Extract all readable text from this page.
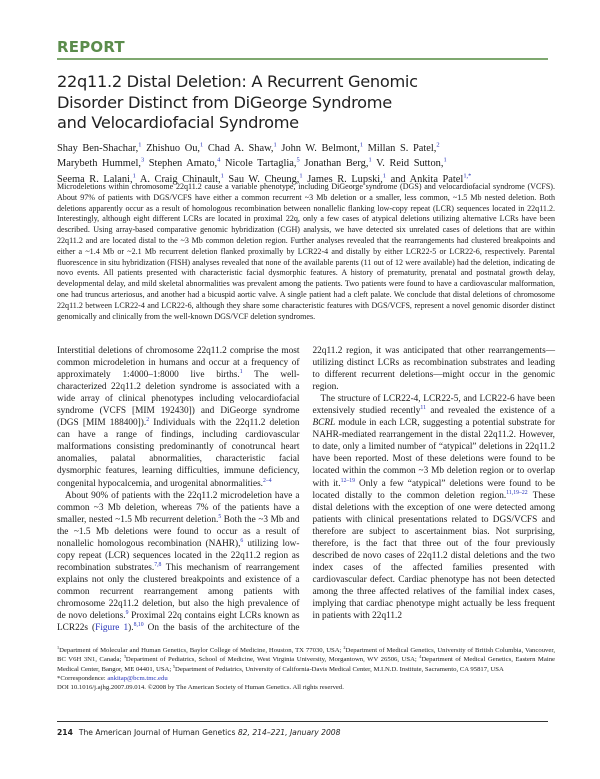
REPORT
22q11.2 Distal Deletion: A Recurrent Genomic
Disorder Distinct from DiGeorge Syndrome
and Velocardiofacial Syndrome
Shay Ben-Shachar,$^1$ Zhishuo Ou,$^1$ Chad A. Shaw,$^1$ John W. Belmont,$^1$ Millan S. Patel,$^2$
Marybeth Hummel,$^3$ Stephen Amato,$^4$ Nicole Tartaglia,$^5$ Jonathan Berg,$^1$ V. Reid Sutton,$^1$
Seema R. Lalani,$^1$ A. Craig Chinault,$^1$ Sau W. Cheung,$^1$ James R. Lupski,$^1$ and Ankita Patel$^{1,*}$
Microdeletions within chromosome 22q11.2 cause a variable phenotype, including DiGeorge syndrome (DGS) and velocardiofacial syndrome (VCFS). About 97% of patients with DGS/VCFS have either a common recurrent ~3 Mb deletion or a smaller, less common, ~1.5 Mb nested deletion. Both deletions apparently occur as a result of homologous recombination between nonallelic flanking low-copy repeat (LCR) sequences located in 22q11.2. Interestingly, although eight different LCRs are located in proximal 22q, only a few cases of atypical deletions utilizing alternative LCRs have been described. Using array-based comparative genomic hybridization (CGH) analysis, we have detected six unrelated cases of deletions that are within 22q11.2 and are located distal to the ~3 Mb common deletion region. Further analyses revealed that the rearrangements had clustered breakpoints and either a ~1.4 Mb or ~2.1 Mb recurrent deletion flanked proximally by LCR22-4 and distally by either LCR22-5 or LCR22-6, respectively. Parental fluorescence in situ hybridization (FISH) analyses revealed that none of the available parents (11 out of 12 were available) had the deletion, indicating de novo events. All patients presented with characteristic facial dysmorphic features. A history of prematurity, prenatal and postnatal growth delay, developmental delay, and mild skeletal abnormalities was prevalent among the patients. Two patients were found to have a cardiovascular malformation, one had truncus arteriosus, and another had a bicuspid aortic valve. A single patient had a cleft palate. We conclude that distal deletions of chromosome 22q11.2 between LCR22-4 and LCR22-6, although they share some characteristic features with DGS/VCFS, represent a novel genomic disorder distinct genomically and clinically from the well-known DGS/VCF deletion syndromes.

Interstitial deletions of chromosome 22q11.2 comprise the most common microdeletion in humans and occur at a frequency of approximately 1:4000–1:8000 live births.$^1$ The well-characterized 22q11.2 deletion syndrome is associated with a wide array of clinical phenotypes including velocardiofacial syndrome (VCFS [MIM 192430]) and DiGeorge syndrome (DGS [MIM 188400]).$^2$ Individuals with the 22q11.2 deletion can have a range of findings, including cardiovascular malformations consisting predominantly of conotruncal heart anomalies, palatal abnormalities, characteristic facial dysmorphic features, learning difficulties, immune deficiency, congenital hypocalcemia, and urogenital abnormalities.$^{2-4}$

About 90% of patients with the 22q11.2 microdeletion have a common ~3 Mb deletion, whereas 7% of the patients have a smaller, nested ~1.5 Mb recurrent deletion.$^5$ Both the ~3 Mb and the ~1.5 Mb deletions were found to occur as a result of nonallelic homologous recombination (NAHR),$^6$ utilizing low-copy repeat (LCR) sequences located in the 22q11.2 region as recombination substrates.$^{7,8}$ This mechanism of rearrangement explains not only the clustered breakpoints and existence of a common recurrent rearrangement among patients with chromosome 22q11.2 deletion, but also the high prevalence of de novo deletions.$^9$ Proximal 22q contains eight LCRs known as LCR22s (Figure 1).$^{8,10}$ On the basis of the architecture of the 22q11.2 region, it was anticipated that other rearrangements—utilizing distinct LCRs as recombination substrates and leading to different recurrent deletions—might occur in the genomic region.

The structure of LCR22-4, LCR22-5, and LCR22-6 have been extensively studied recently$^{11}$ and revealed the existence of a BCRL module in each LCR, suggesting a potential substrate for NAHR-mediated rearrangement in the distal 22q11.2. However, to date, only a limited number of “atypical” deletions in 22q11.2 have been reported. Most of these deletions were found to be located within the common ~3 Mb deletion region or to overlap with it.$^{12-19}$ Only a few “atypical” deletions were found to be located distally to the common deletion region.$^{11,19-22}$ These distal deletions with the exception of one were detected among patients with clinical presentations related to DGS/VCFS and therefore are subject to ascertainment bias. Not surprising, therefore, is the fact that three out of the four previously described de novo cases of 22q11.2 distal deletions and the two index cases of the affected families presented with cardiovascular defect. Cardiac phenotype has not been detected among the three affected relatives of the familial index cases, implying that cardiac phenotype might actually be less frequent in patients with 22q11.2

$^1$Department of Molecular and Human Genetics, Baylor College of Medicine, Houston, TX 77030, USA; $^2$Department of Medical Genetics, University of British Columbia, Vancouver, BC V6H 3N1, Canada; $^3$Department of Pediatrics, School of Medicine, West Virginia University, Morgantown, WV 26506, USA; $^4$Department of Medical Genetics, Eastern Maine Medical Center, Bangor, ME 04401, USA; $^5$Department of Pediatrics, University of California-Davis Medical Center, M.I.N.D. Institute, Sacramento, CA 95817, USA
*Correspondence: ankitap@bcm.tmc.edu
DOI 10.1016/j.ajhg.2007.09.014. ©2008 by The American Society of Human Genetics. All rights reserved.
214 The American Journal of Human Genetics 82, 214–221, January 2008
